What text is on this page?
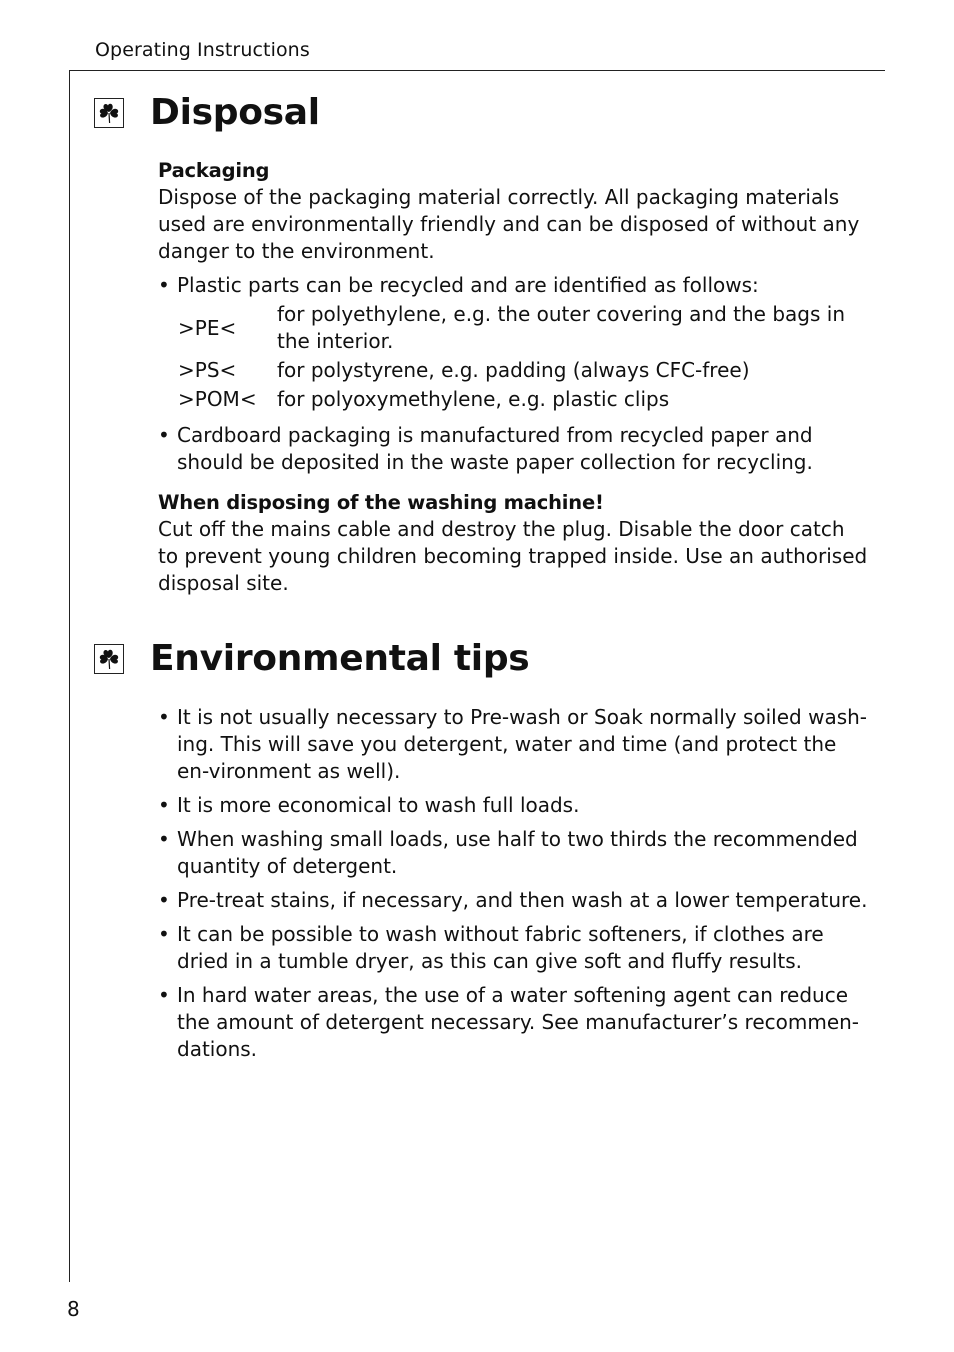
Operating Instructions
Disposal
Packaging

Dispose of the packaging material correctly. All packaging materials used are environmentally friendly and can be disposed of without any danger to the environment.

• Plastic parts can be recycled and are identified as follows:
>PE<
for polyethylene, e.g. the outer covering and the bags in the interior.
>PS<	for polystyrene, e.g. padding (always CFC-free)
>POM<	for polyoxymethylene, e.g. plastic clips
• Cardboard packaging is manufactured from recycled paper and should be deposited in the waste paper collection for recycling.
When disposing of the washing machine!

Cut off the mains cable and destroy the plug. Disable the door catch to prevent young children becoming trapped inside. Use an authorised disposal site.

Environmental tips
• It is not usually necessary to Pre-wash or Soak normally soiled wash-ing. This will save you detergent, water and time (and protect the en-vironment as well).
• It is more economical to wash full loads.
• When washing small loads, use half to two thirds the recommended quantity of detergent.
• Pre-treat stains, if necessary, and then wash at a lower temperature.
• It can be possible to wash without fabric softeners, if clothes are dried in a tumble dryer, as this can give soft and fluffy results.
• In hard water areas, the use of a water softening agent can reduce the amount of detergent necessary. See manufacturer’s recommen-dations.
8
